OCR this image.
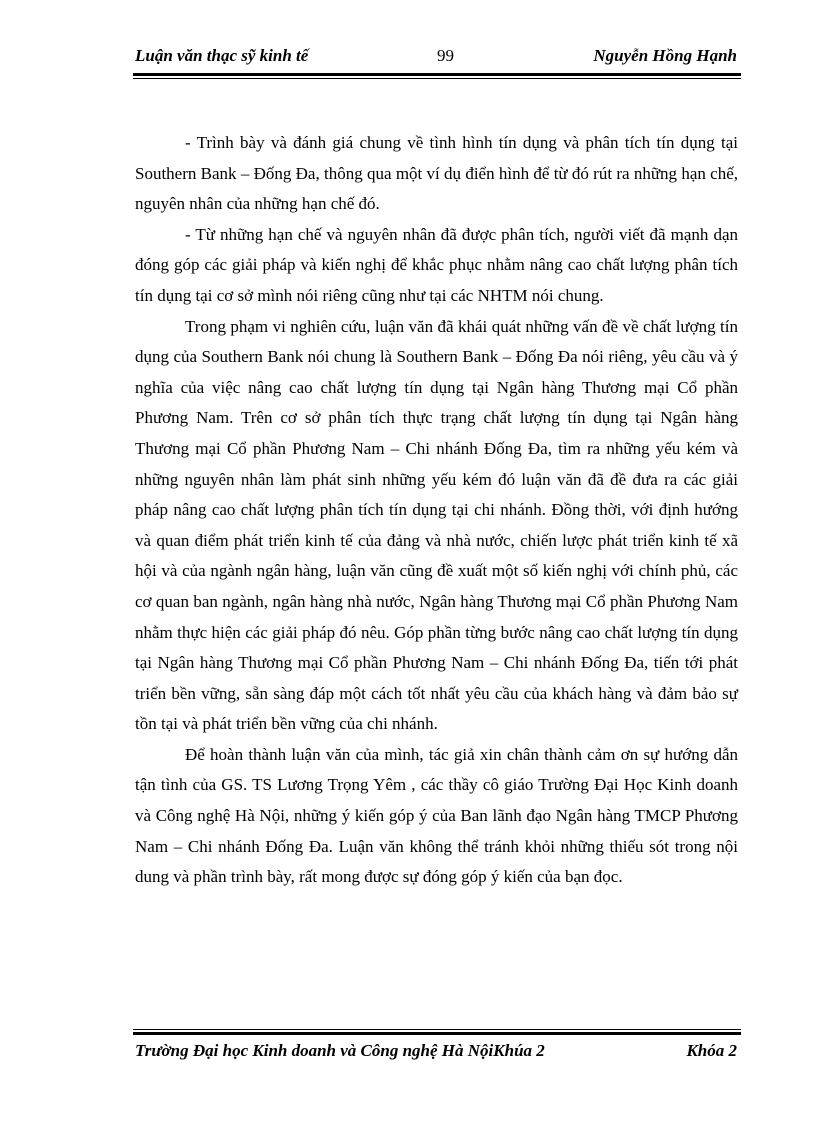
Luận văn thạc sỹ kinh tế	99	Nguyễn Hồng Hạnh

- Trình bày và đánh giá chung về tình hình tín dụng và phân tích tín dụng tại Southern Bank – Đống Đa, thông qua một ví dụ điển hình để từ đó rút ra những hạn chế, nguyên nhân của những hạn chế đó.

- Từ những hạn chế và nguyên nhân đã được phân tích, người viết đã mạnh dạn đóng góp các giải pháp và kiến nghị để khắc phục nhằm nâng cao chất lượng phân tích tín dụng tại cơ sở mình nói riêng cũng như tại các NHTM nói chung.

Trong phạm vi nghiên cứu, luận văn đã khái quát những vấn đề về chất lượng tín dụng của Southern Bank nói chung là Southern Bank – Đống Đa nói riêng, yêu cầu và ý nghĩa của việc nâng cao chất lượng tín dụng tại Ngân hàng Thương mại Cổ phần Phương Nam. Trên cơ sở phân tích thực trạng chất lượng tín dụng tại Ngân hàng Thương mại Cổ phần Phương Nam – Chi nhánh Đống Đa, tìm ra những yếu kém và những nguyên nhân làm phát sinh những yếu kém đó luận văn đã đề đưa ra các giải pháp nâng cao chất lượng phân tích tín dụng tại chi nhánh. Đồng thời, với định hướng và quan điểm phát triển kinh tế của đảng và nhà nước, chiến lược phát triển kinh tế xã hội và của ngành ngân hàng, luận văn cũng đề xuất một số kiến nghị với chính phủ, các cơ quan ban ngành, ngân hàng nhà nước, Ngân hàng Thương mại Cổ phần Phương Nam nhằm thực hiện các giải pháp đó nêu. Góp phần từng bước nâng cao chất lượng tín dụng tại Ngân hàng Thương mại Cổ phần Phương Nam – Chi nhánh Đống Đa, tiến tới phát triển bền vững, sẵn sàng đáp một cách tốt nhất yêu cầu của khách hàng và đảm bảo sự tồn tại và phát triển bền vững của chi nhánh.

Để hoàn thành luận văn của mình, tác giả xin chân thành cảm ơn sự hướng dẫn tận tình của GS. TS Lương Trọng Yêm , các thầy cô giáo Trường Đại Học Kinh doanh và Công nghệ Hà Nội, những ý kiến góp ý của Ban lãnh đạo Ngân hàng TMCP Phương Nam – Chi nhánh Đống Đa. Luận văn không thể tránh khỏi những thiếu sót trong nội dung và phần trình bày, rất mong được sự đóng góp ý kiến của bạn đọc.

Trường Đại học Kinh doanh và Công nghệ Hà NộiKhúa 2	Khóa 2
